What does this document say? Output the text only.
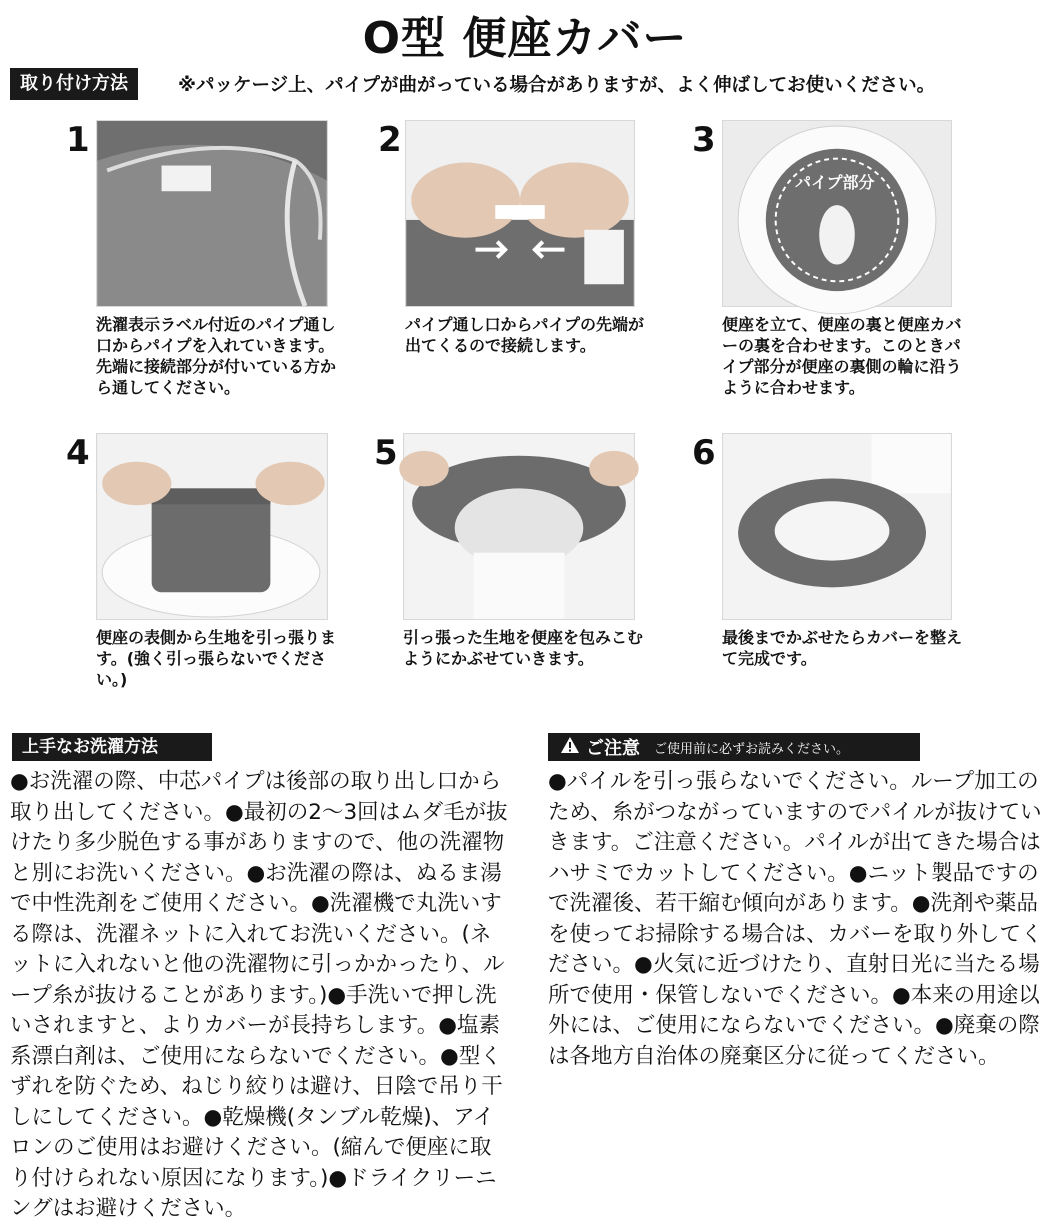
O型 便座カバー
取り付け方法	※パッケージ上、パイプが曲がっている場合がありますが、よく伸ばしてお使いください。
1
洗濯表示ラベル付近のパイプ通し口からパイプを入れていきます。先端に接続部分が付いている方から通してください。
2
パイプ通し口からパイプの先端が出てくるので接続します。
3
パイプ部分
便座を立て、便座の裏と便座カバーの裏を合わせます。このときパイプ部分が便座の裏側の輪に沿うように合わせます。
4
便座の表側から生地を引っ張ります。(強く引っ張らないでください。)
5
引っ張った生地を便座を包みこむようにかぶせていきます。
6
最後までかぶせたらカバーを整えて完成です。
上手なお洗濯方法
●お洗濯の際、中芯パイプは後部の取り出し口から取り出してください。●最初の2～3回はムダ毛が抜けたり多少脱色する事がありますので、他の洗濯物と別にお洗いください。●お洗濯の際は、ぬるま湯で中性洗剤をご使用ください。●洗濯機で丸洗いする際は、洗濯ネットに入れてお洗いください。(ネットに入れないと他の洗濯物に引っかかったり、ループ糸が抜けることがあります。)●手洗いで押し洗いされますと、よりカバーが長持ちします。●塩素系漂白剤は、ご使用にならないでください。●型くずれを防ぐため、ねじり絞りは避け、日陰で吊り干しにしてください。●乾燥機(タンブル乾燥)、アイロンのご使用はお避けください。(縮んで便座に取り付けられない原因になります。)●ドライクリーニングはお避けください。
ご注意 ご使用前に必ずお読みください。
●パイルを引っ張らないでください。ループ加工のため、糸がつながっていますのでパイルが抜けていきます。ご注意ください。パイルが出てきた場合はハサミでカットしてください。●ニット製品ですので洗濯後、若干縮む傾向があります。●洗剤や薬品を使ってお掃除する場合は、カバーを取り外してください。●火気に近づけたり、直射日光に当たる場所で使用・保管しないでください。●本来の用途以外には、ご使用にならないでください。●廃棄の際は各地方自治体の廃棄区分に従ってください。
